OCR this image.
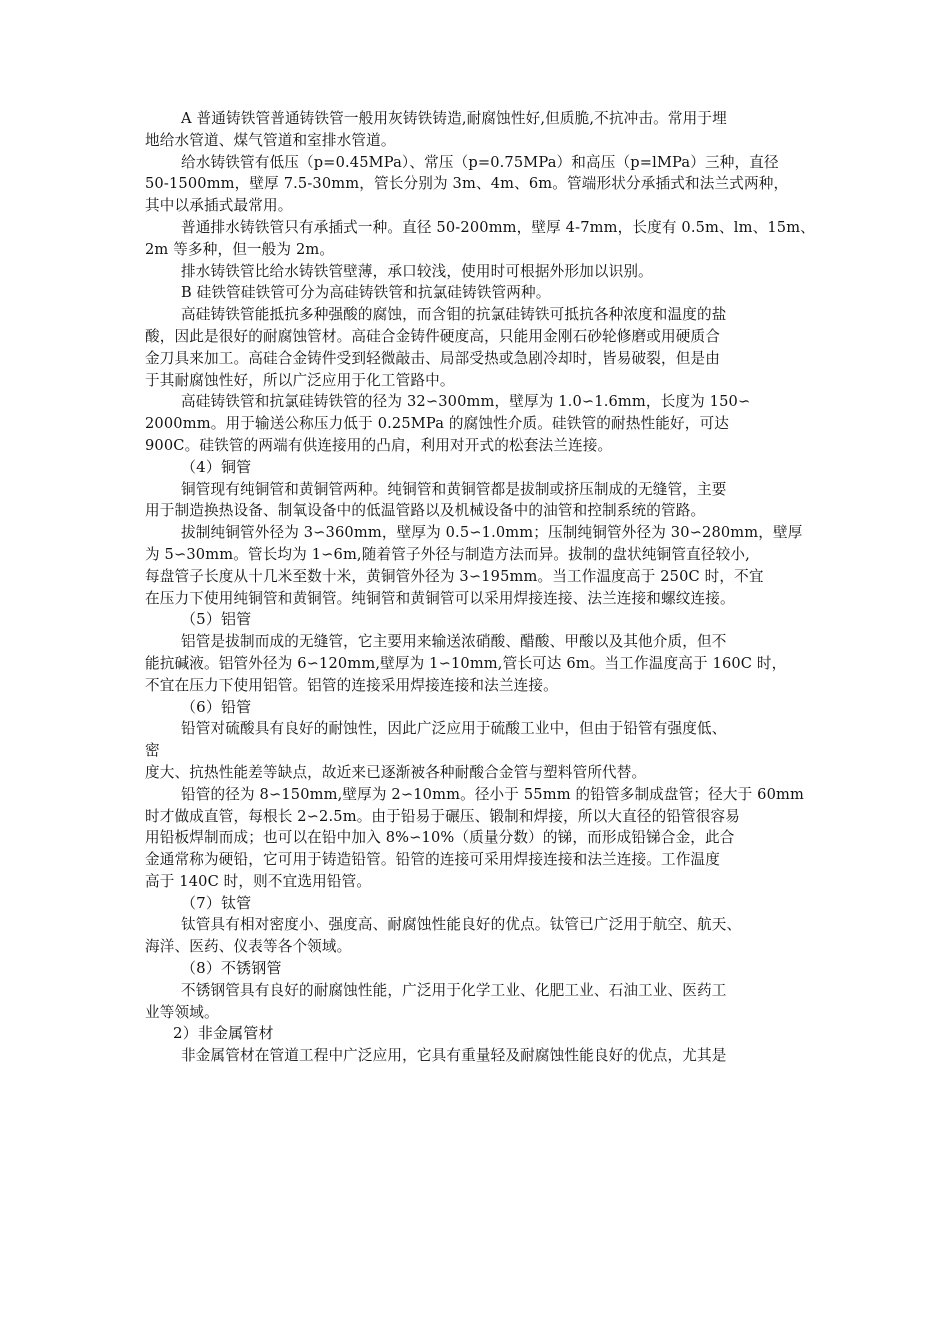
A 普通铸铁管普通铸铁管一般用灰铸铁铸造,耐腐蚀性好,但质脆,不抗冲击。常用于埋
地给水管道、煤气管道和室排水管道。
给水铸铁管有低压（p=0.45MPa）、常压（p=0.75MPa）和高压（p=lMPa）三种，直径
50-1500mm，壁厚 7.5-30mm，管长分别为 3m、4m、6m。管端形状分承插式和法兰式两种，
其中以承插式最常用。
普通排水铸铁管只有承插式一种。直径 50-200mm，壁厚 4-7mm，长度有 0.5m、lm、15m、
2m 等多种，但一般为 2m。
排水铸铁管比给水铸铁管壁薄，承口较浅，使用时可根据外形加以识别。
B 硅铁管硅铁管可分为高硅铸铁管和抗氯硅铸铁管两种。
高硅铸铁管能抵抗多种强酸的腐蚀，而含钼的抗氯硅铸铁可抵抗各种浓度和温度的盐
酸，因此是很好的耐腐蚀管材。高硅合金铸件硬度高，只能用金刚石砂轮修磨或用硬质合
金刀具来加工。高硅合金铸件受到轻微敲击、局部受热或急剧冷却时，皆易破裂，但是由
于其耐腐蚀性好，所以广泛应用于化工管路中。
高硅铸铁管和抗氯硅铸铁管的径为 32∽300mm，壁厚为 1.0∽1.6mm，长度为 150∽
2000mm。用于输送公称压力低于 0.25MPa 的腐蚀性介质。硅铁管的耐热性能好，可达
900C。硅铁管的两端有供连接用的凸肩，利用对开式的松套法兰连接。
（4）铜管
铜管现有纯铜管和黄铜管两种。纯铜管和黄铜管都是拔制或挤压制成的无缝管，主要
用于制造换热设备、制氧设备中的低温管路以及机械设备中的油管和控制系统的管路。
拔制纯铜管外径为 3∽360mm，壁厚为 0.5∽1.0mm；压制纯铜管外径为 30∽280mm，壁厚
为 5∽30mm。管长均为 1∽6m,随着管子外径与制造方法而异。拔制的盘状纯铜管直径较小,
每盘管子长度从十几米至数十米，黄铜管外径为 3∽195mm。当工作温度高于 250C 时，不宜
在压力下使用纯铜管和黄铜管。纯铜管和黄铜管可以采用焊接连接、法兰连接和螺纹连接。
（5）铝管
铝管是拔制而成的无缝管，它主要用来输送浓硝酸、醋酸、甲酸以及其他介质，但不
能抗碱液。铝管外径为 6∽120mm,壁厚为 1∽10mm,管长可达 6m。当工作温度高于 160C 时，
不宜在压力下使用铝管。铝管的连接采用焊接连接和法兰连接。
（6）铅管
铅管对硫酸具有良好的耐蚀性，因此广泛应用于硫酸工业中，但由于铅管有强度低、
密
度大、抗热性能差等缺点，故近来已逐渐被各种耐酸合金管与塑料管所代替。
铅管的径为 8∽150mm,壁厚为 2∽10mm。径小于 55mm 的铅管多制成盘管；径大于 60mm
时才做成直管，每根长 2∽2.5m。由于铅易于碾压、锻制和焊接，所以大直径的铅管很容易
用铅板焊制而成；也可以在铅中加入 8%∽10%（质量分数）的锑，而形成铅锑合金，此合
金通常称为硬铅，它可用于铸造铅管。铅管的连接可采用焊接连接和法兰连接。工作温度
高于 140C 时，则不宜选用铅管。
（7）钛管
钛管具有相对密度小、强度高、耐腐蚀性能良好的优点。钛管已广泛用于航空、航天、
海洋、医药、仪表等各个领域。
（8）不锈钢管
不锈钢管具有良好的耐腐蚀性能，广泛用于化学工业、化肥工业、石油工业、医药工
业等领域。
2）非金属管材
非金属管材在管道工程中广泛应用，它具有重量轻及耐腐蚀性能良好的优点，尤其是
